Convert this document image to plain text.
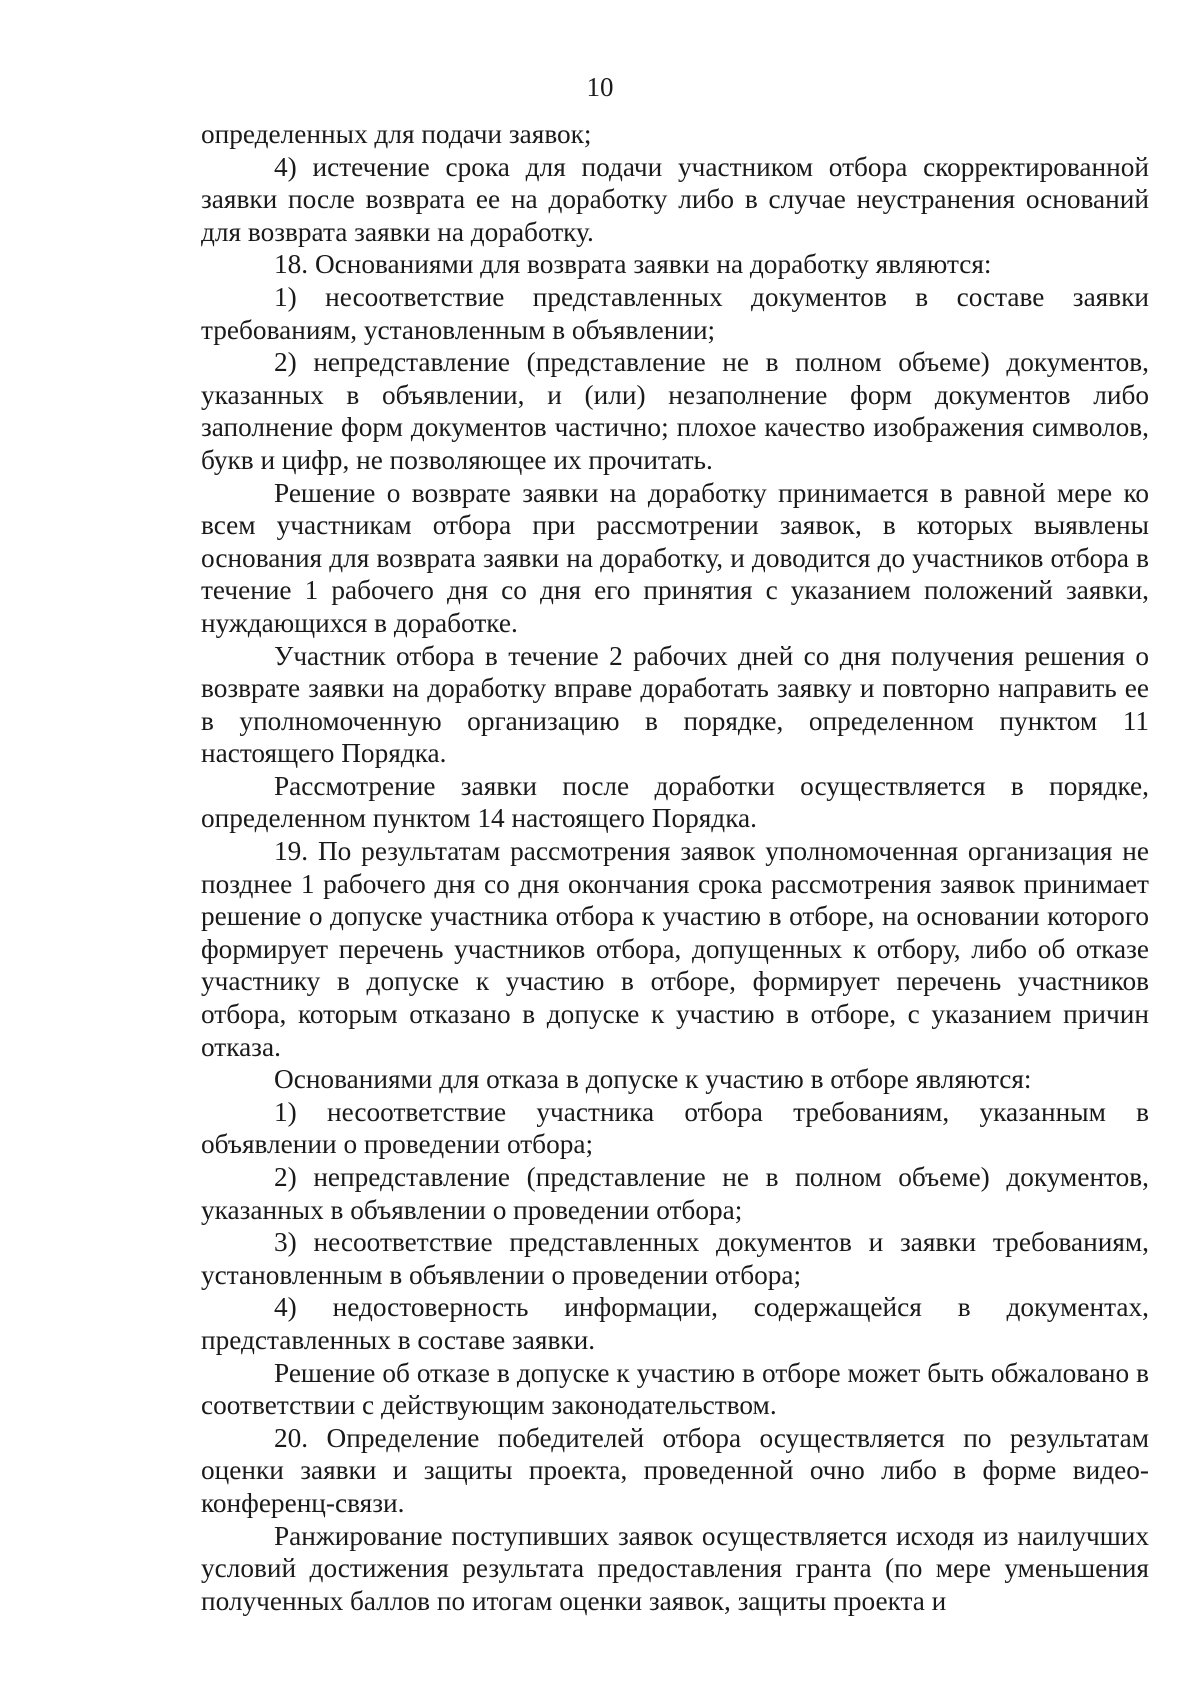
10

определенных для подачи заявок;

4) истечение срока для подачи участником отбора скорректированной заявки после возврата ее на доработку либо в случае неустранения оснований для возврата заявки на доработку.

18. Основаниями для возврата заявки на доработку являются:

1) несоответствие представленных документов в составе заявки требованиям, установленным в объявлении;

2) непредставление (представление не в полном объеме) документов, указанных в объявлении, и (или) незаполнение форм документов либо заполнение форм документов частично; плохое качество изображения символов, букв и цифр, не позволяющее их прочитать.

Решение о возврате заявки на доработку принимается в равной мере ко всем участникам отбора при рассмотрении заявок, в которых выявлены основания для возврата заявки на доработку, и доводится до участников отбора в течение 1 рабочего дня со дня его принятия с указанием положений заявки, нуждающихся в доработке.

Участник отбора в течение 2 рабочих дней со дня получения решения о возврате заявки на доработку вправе доработать заявку и повторно направить ее в уполномоченную организацию в порядке, определенном пунктом 11 настоящего Порядка.

Рассмотрение заявки после доработки осуществляется в порядке, определенном пунктом 14 настоящего Порядка.

19. По результатам рассмотрения заявок уполномоченная организация не позднее 1 рабочего дня со дня окончания срока рассмотрения заявок принимает решение о допуске участника отбора к участию в отборе, на основании которого формирует перечень участников отбора, допущенных к отбору, либо об отказе участнику в допуске к участию в отборе, формирует перечень участников отбора, которым отказано в допуске к участию в отборе, с указанием причин отказа.

Основаниями для отказа в допуске к участию в отборе являются:

1) несоответствие участника отбора требованиям, указанным в объявлении о проведении отбора;

2) непредставление (представление не в полном объеме) документов, указанных в объявлении о проведении отбора;

3) несоответствие представленных документов и заявки требованиям, установленным в объявлении о проведении отбора;

4) недостоверность информации, содержащейся в документах, представленных в составе заявки.

Решение об отказе в допуске к участию в отборе может быть обжаловано в соответствии с действующим законодательством.

20. Определение победителей отбора осуществляется по результатам оценки заявки и защиты проекта, проведенной очно либо в форме видео-конференц-связи.

Ранжирование поступивших заявок осуществляется исходя из наилучших условий достижения результата предоставления гранта (по мере уменьшения полученных баллов по итогам оценки заявок, защиты проекта и
